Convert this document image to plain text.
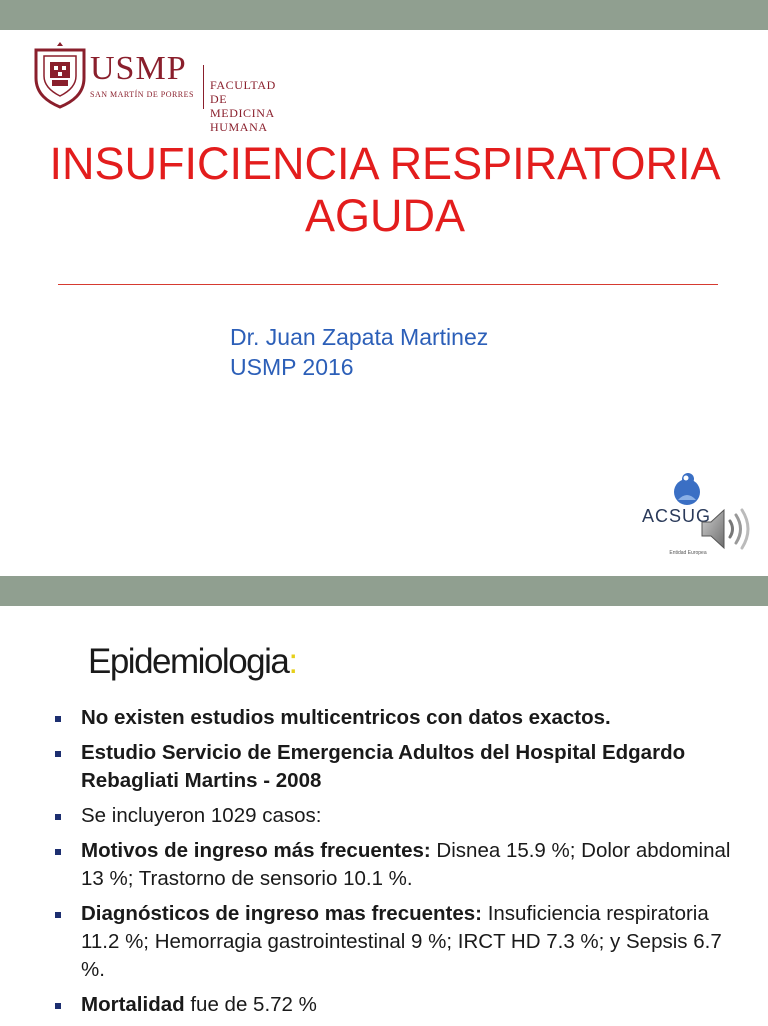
USMP
SAN MARTÍN DE PORRES
FACULTAD DE
MEDICINA HUMANA
INSUFICIENCIA RESPIRATORIA
AGUDA
Dr. Juan Zapata Martinez
USMP 2016
ACSUG
Entidad Europea
Epidemiologia:
No existen estudios multicentricos con datos exactos.
Estudio Servicio de Emergencia Adultos del Hospital Edgardo Rebagliati Martins - 2008
Se incluyeron 1029 casos:
Motivos de ingreso más frecuentes: Disnea 15.9 %; Dolor abdominal 13 %; Trastorno de sensorio 10.1 %.
Diagnósticos de ingreso mas frecuentes: Insuficiencia respiratoria 11.2 %; Hemorragia gastrointestinal 9 %; IRCT HD 7.3 %; y Sepsis 6.7 %.
Mortalidad fue de 5.72 %
